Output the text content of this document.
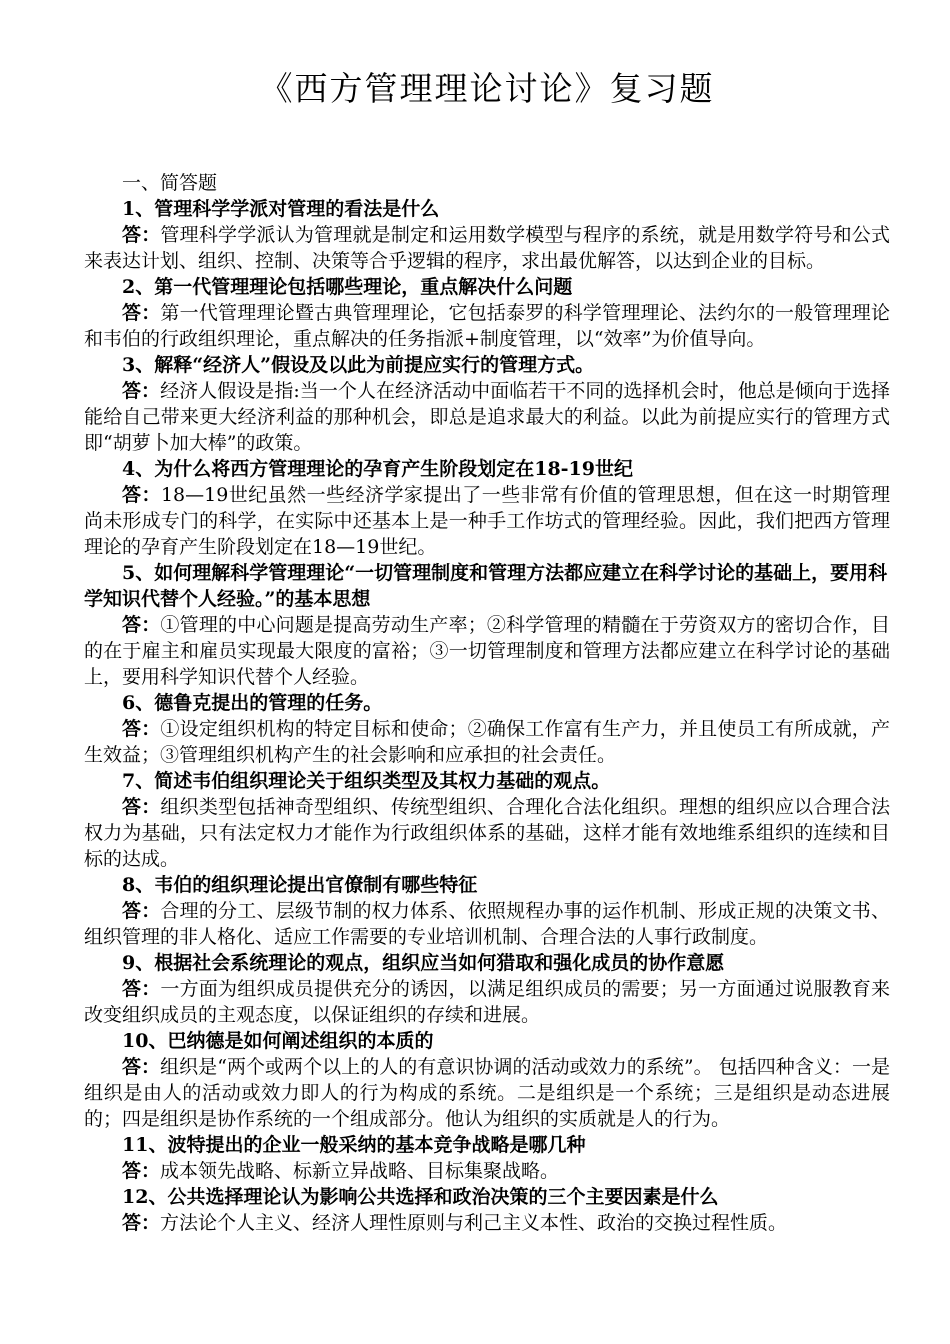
《西方管理理论讨论》复习题

一、简答题

1、管理科学学派对管理的看法是什么

答：管理科学学派认为管理就是制定和运用数学模型与程序的系统，就是用数学符号和公式来表达计划、组织、控制、决策等合乎逻辑的程序，求出最优解答，以达到企业的目标。

2、第一代管理理论包括哪些理论，重点解决什么问题

答：第一代管理理论暨古典管理理论，它包括泰罗的科学管理理论、法约尔的一般管理理论和韦伯的行政组织理论，重点解决的任务指派+制度管理，以“效率”为价值导向。

3、解释“经济人”假设及以此为前提应实行的管理方式。

答：经济人假设是指:当一个人在经济活动中面临若干不同的选择机会时，他总是倾向于选择能给自己带来更大经济利益的那种机会，即总是追求最大的利益。以此为前提应实行的管理方式即“胡萝卜加大棒”的政策。

4、为什么将西方管理理论的孕育产生阶段划定在18-19世纪

答：18—19世纪虽然一些经济学家提出了一些非常有价值的管理思想，但在这一时期管理尚未形成专门的科学，在实际中还基本上是一种手工作坊式的管理经验。因此，我们把西方管理理论的孕育产生阶段划定在18—19世纪。

5、如何理解科学管理理论“一切管理制度和管理方法都应建立在科学讨论的基础上，要用科学知识代替个人经验。”的基本思想

答：①管理的中心问题是提高劳动生产率；②科学管理的精髓在于劳资双方的密切合作，目的在于雇主和雇员实现最大限度的富裕；③一切管理制度和管理方法都应建立在科学讨论的基础上，要用科学知识代替个人经验。

6、德鲁克提出的管理的任务。

答：①设定组织机构的特定目标和使命；②确保工作富有生产力，并且使员工有所成就，产生效益；③管理组织机构产生的社会影响和应承担的社会责任。

7、简述韦伯组织理论关于组织类型及其权力基础的观点。

答：组织类型包括神奇型组织、传统型组织、合理化合法化组织。理想的组织应以合理合法权力为基础，只有法定权力才能作为行政组织体系的基础，这样才能有效地维系组织的连续和目标的达成。

8、韦伯的组织理论提出官僚制有哪些特征

答：合理的分工、层级节制的权力体系、依照规程办事的运作机制、形成正规的决策文书、组织管理的非人格化、适应工作需要的专业培训机制、合理合法的人事行政制度。

9、根据社会系统理论的观点，组织应当如何猎取和强化成员的协作意愿

答：一方面为组织成员提供充分的诱因，以满足组织成员的需要；另一方面通过说服教育来改变组织成员的主观态度，以保证组织的存续和进展。

10、巴纳德是如何阐述组织的本质的

答：组织是“两个或两个以上的人的有意识协调的活动或效力的系统”。 包括四种含义：一是组织是由人的活动或效力即人的行为构成的系统。二是组织是一个系统；三是组织是动态进展的；四是组织是协作系统的一个组成部分。他认为组织的实质就是人的行为。

11、波特提出的企业一般采纳的基本竞争战略是哪几种

答：成本领先战略、标新立异战略、目标集聚战略。

12、公共选择理论认为影响公共选择和政治决策的三个主要因素是什么

答：方法论个人主义、经济人理性原则与利己主义本性、政治的交换过程性质。
